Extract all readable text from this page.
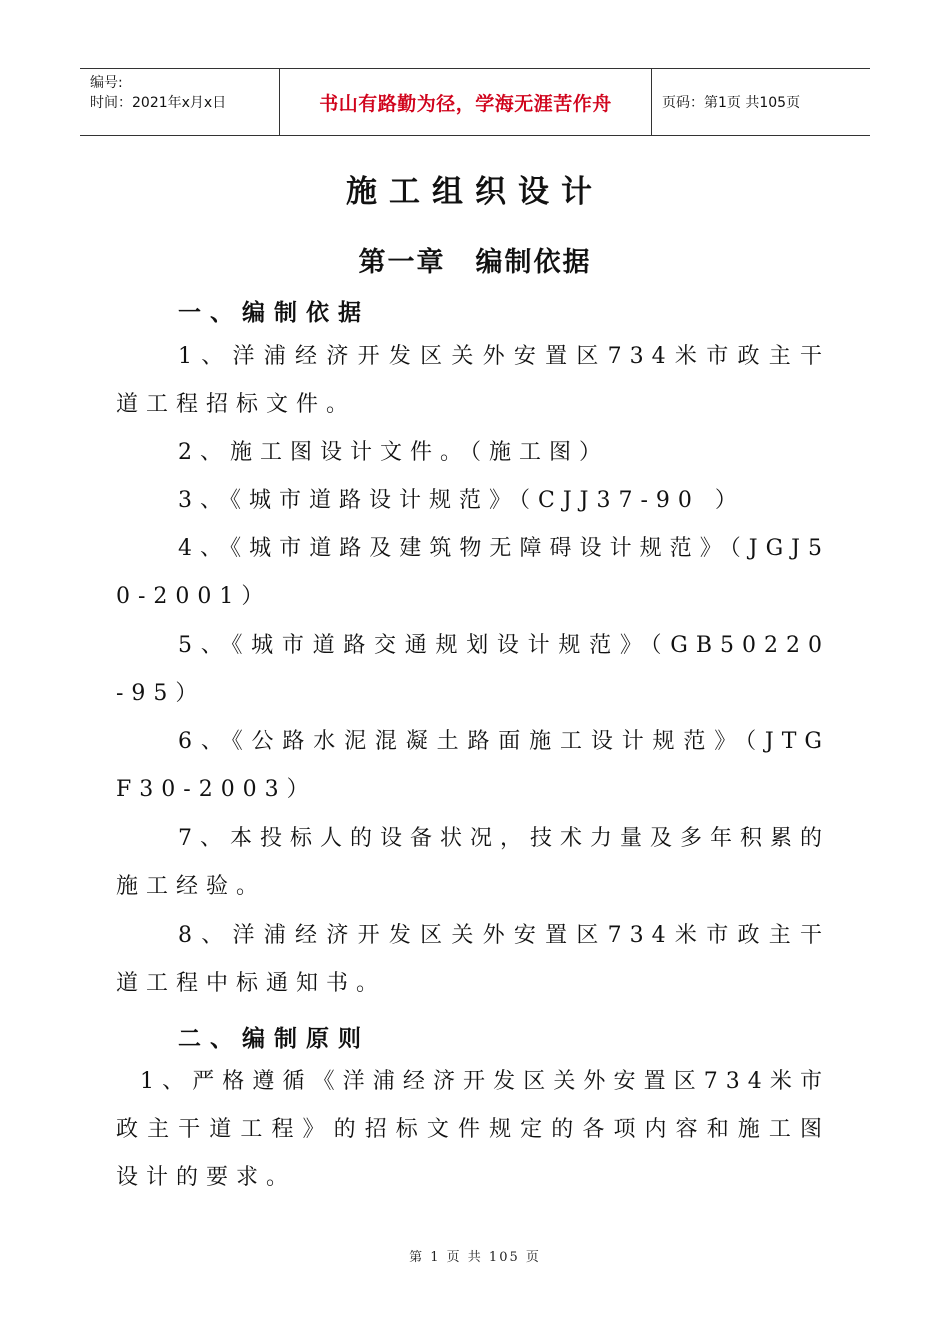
编号:
时间：2021年x月x日	书山有路勤为径，学海无涯苦作舟	页码：第1页 共105页
施工组织设计
第一章 编制依据
一、编制依据
1、洋浦经济开发区关外安置区734米市政主干道工程招标文件。
2、施工图设计文件。（施工图）
3、《城市道路设计规范》（CJJ37-90 ）
4、《城市道路及建筑物无障碍设计规范》（JGJ50-2001）
5、《城市道路交通规划设计规范》（GB50220-95）
6、《公路水泥混凝土路面施工设计规范》（JTGF30-2003）
7、本投标人的设备状况，技术力量及多年积累的施工经验。
8、洋浦经济开发区关外安置区734米市政主干道工程中标通知书。
二、编制原则
1、严格遵循《洋浦经济开发区关外安置区734米市政主干道工程》的招标文件规定的各项内容和施工图设计的要求。
第 1 页 共 105 页
